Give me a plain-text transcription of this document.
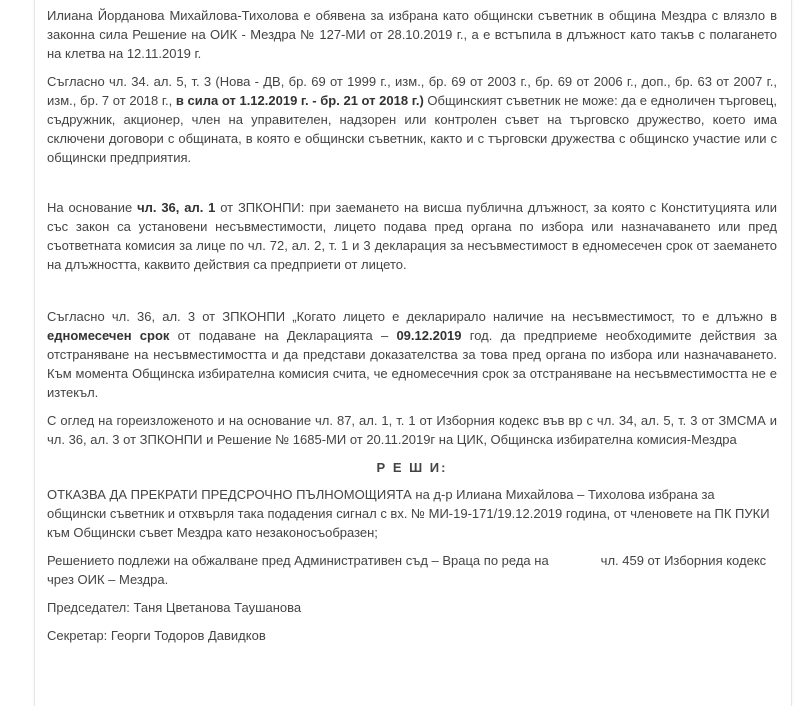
Илиана Йорданова Михайлова-Тихолова е обявена за избрана като общински съветник в община Мездра с влязло в законна сила Решение на ОИК - Мездра № 127-МИ от 28.10.2019 г., а е встъпила в длъжност като такъв с полагането на клетва на 12.11.2019 г.

Съгласно чл. 34. ал. 5, т. 3 (Нова - ДВ, бр. 69 от 1999 г., изм., бр. 69 от 2003 г., бр. 69 от 2006 г., доп., бр. 63 от 2007 г., изм., бр. 7 от 2018 г., в сила от 1.12.2019 г. - бр. 21 от 2018 г.) Общинският съветник не може: да е едноличен търговец, съдружник, акционер, член на управителен, надзорен или контролен съвет на търговско дружество, което има сключени договори с общината, в която е общински съветник, както и с търговски дружества с общинско участие или с общински предприятия.

На основание чл. 36, ал. 1 от ЗПКОНПИ: при заемането на висша публична длъжност, за която с Конституцията или със закон са установени несъвместимости, лицето подава пред органа по избора или назначаването или пред съответната комисия за лице по чл. 72, ал. 2, т. 1 и 3 декларация за несъвместимост в едномесечен срок от заемането на длъжността, каквито действия са предприети от лицето.

Съгласно чл. 36, ал. 3 от ЗПКОНПИ „Когато лицето е декларирало наличие на несъвместимост, то е длъжно в едномесечен срок от подаване на Декларацията – 09.12.2019 год. да предприеме необходимите действия за отстраняване на несъвместимостта и да представи доказателства за това пред органа по избора или назначаването. Към момента Общинска избирателна комисия счита, че едномесечния срок за отстраняване на несъвместимостта не е изтекъл.

С оглед на гореизложеното и на основание чл. 87, ал. 1, т. 1 от Изборния кодекс във вр с чл. 34, ал. 5, т. 3 от ЗМСМА и чл. 36, ал. 3 от ЗПКОНПИ и Решение № 1685-МИ от 20.11.2019г на ЦИК, Общинска избирателна комисия-Мездра

Р Е Ш И:

ОТКАЗВА ДА ПРЕКРАТИ ПРЕДСРОЧНО ПЪЛНОМОЩИЯТА на д-р Илиана Михайлова – Тихолова избрана за общински съветник и отхвърля така подадения сигнал с вх. № МИ-19-171/19.12.2019 година, от членовете на ПК ПУКИ към Общински съвет Мездра като незаконосъобразен;

Решението подлежи на обжалване пред Административен съд – Враца по реда на	чл. 459 от Изборния кодекс чрез ОИК – Мездра.

Председател: Таня Цветанова Таушанова

Секретар: Георги Тодоров Давидков
